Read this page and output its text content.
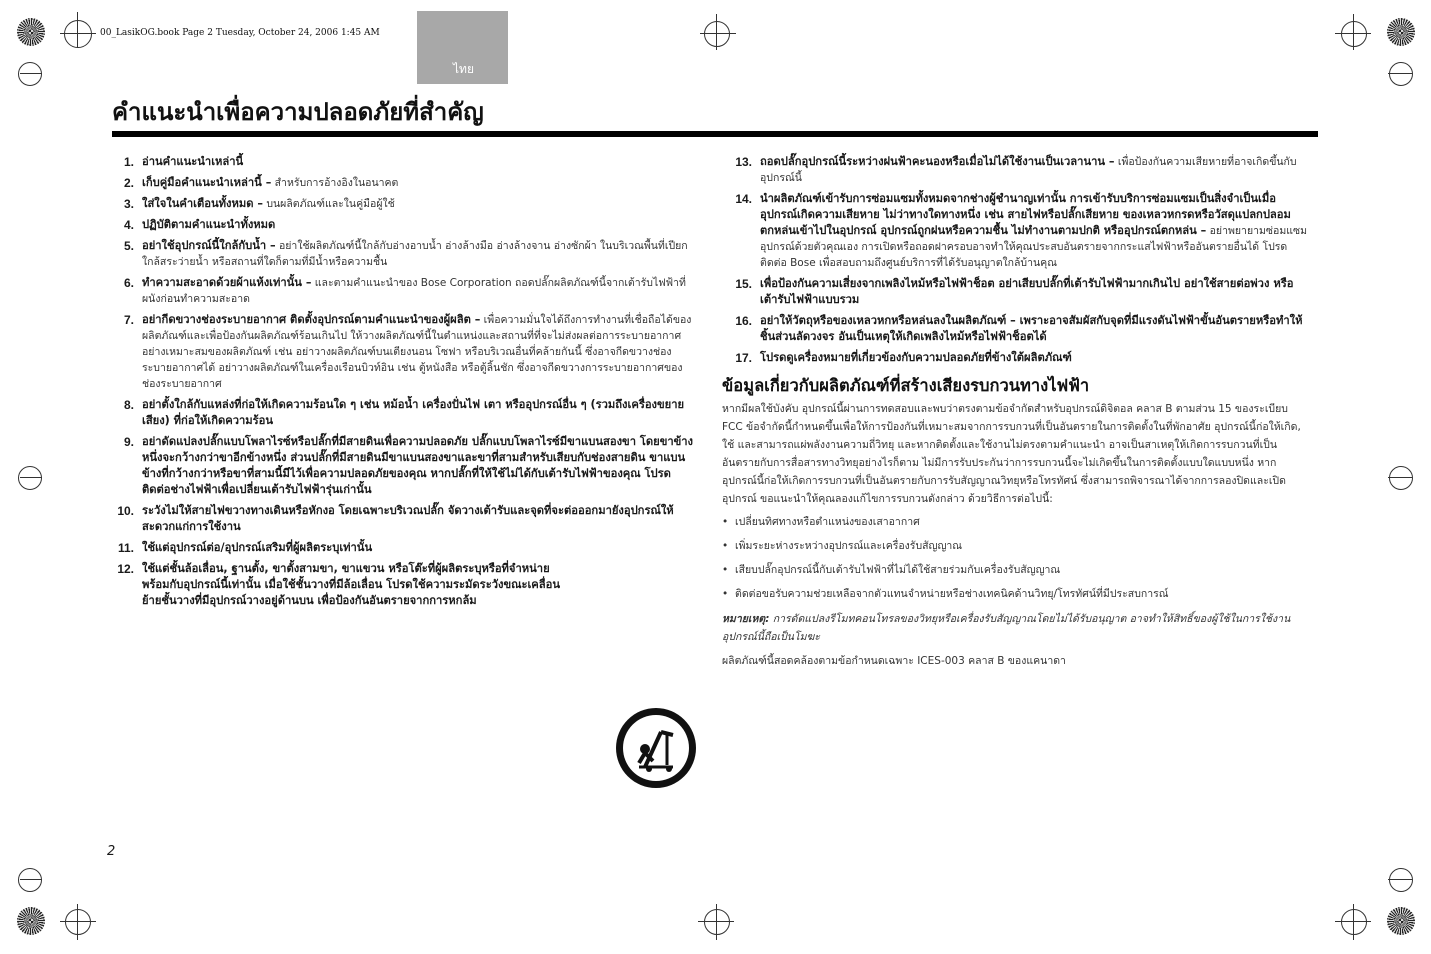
00_LasikOG.book Page 2 Tuesday, October 24, 2006 1:45 AM
ไทย
คำแนะนำเพื่อความปลอดภัยที่สำคัญ
1. อ่านคำแนะนำเหล่านี้
2. เก็บคู่มือคำแนะนำเหล่านี้ – สำหรับการอ้างอิงในอนาคต
3. ใส่ใจในคำเตือนทั้งหมด – บนผลิตภัณฑ์และในคู่มือผู้ใช้
4. ปฏิบัติตามคำแนะนำทั้งหมด
5. อย่าใช้อุปกรณ์นี้ใกล้กับน้ำ – อย่าใช้ผลิตภัณฑ์นี้ใกล้กับอ่างอาบน้ำ อ่างล้างมือ อ่างล้างจาน อ่างซักผ้า ในบริเวณพื้นที่เปียก ใกล้สระว่ายน้ำ หรือสถานที่ใดก็ตามที่มีน้ำหรือความชื้น
6. ทำความสะอาดด้วยผ้าแห้งเท่านั้น – และตามคำแนะนำของ Bose Corporation ถอดปลั๊กผลิตภัณฑ์นี้จากเต้ารับไฟฟ้าที่ผนังก่อนทำความสะอาด
7. อย่ากีดขวางช่องระบายอากาศ ติดตั้งอุปกรณ์ตามคำแนะนำของผู้ผลิต – เพื่อความมั่นใจได้ถึงการทำงานที่เชื่อถือได้ของผลิตภัณฑ์และเพื่อป้องกันผลิตภัณฑ์ร้อนเกินไป ให้วางผลิตภัณฑ์นี้ในตำแหน่งและสถานที่ที่จะไม่ส่งผลต่อการระบายอากาศอย่างเหมาะสมของผลิตภัณฑ์ เช่น อย่าวางผลิตภัณฑ์บนเตียงนอน โซฟา หรือบริเวณอื่นที่คล้ายกันนี้ ซึ่งอาจกีดขวางช่องระบายอากาศได้ อย่าวางผลิตภัณฑ์ในเครื่องเรือนบิวท์อิน เช่น ตู้หนังสือ หรือตู้ลิ้นชัก ซึ่งอาจกีดขวางการระบายอากาศของช่องระบายอากาศ
8. อย่าตั้งใกล้กับแหล่งที่ก่อให้เกิดความร้อนใด ๆ เช่น หม้อน้ำ เครื่องปั่นไฟ เตา หรืออุปกรณ์อื่น ๆ (รวมถึงเครื่องขยายเสียง) ที่ก่อให้เกิดความร้อน
9. อย่าดัดแปลงปลั๊กแบบโพลาไรซ์หรือปลั๊กที่มีสายดินเพื่อความปลอดภัย ปลั๊กแบบโพลาไรซ์มีขาแบนสองขา โดยขาข้างหนึ่งจะกว้างกว่าขาอีกข้างหนึ่ง ส่วนปลั๊กที่มีสายดินมีขาแบนสองขาและขาที่สามสำหรับเสียบกับช่องสายดิน ขาแบนข้างที่กว้างกว่าหรือขาที่สามนี้มีไว้เพื่อความปลอดภัยของคุณ หากปลั๊กที่ให้ใช้ไม่ได้กับเต้ารับไฟฟ้าของคุณ โปรดติดต่อช่างไฟฟ้าเพื่อเปลี่ยนเต้ารับไฟฟ้ารุ่นเก่านั้น
10. ระวังไม่ให้สายไฟขวางทางเดินหรือหักงอ โดยเฉพาะบริเวณปลั๊ก จัดวางเต้ารับและจุดที่จะต่อออกมายังอุปกรณ์ให้สะดวกแก่การใช้งาน
11. ใช้แต่อุปกรณ์ต่อ/อุปกรณ์เสริมที่ผู้ผลิตระบุเท่านั้น
12. ใช้แต่ชั้นล้อเลื่อน, ฐานตั้ง, ขาตั้งสามขา, ขาแขวน หรือโต๊ะที่ผู้ผลิตระบุหรือที่จำหน่ายพร้อมกับอุปกรณ์นี้เท่านั้น เมื่อใช้ชั้นวางที่มีล้อเลื่อน โปรดใช้ความระมัดระวังขณะเคลื่อนย้ายชั้นวางที่มีอุปกรณ์วางอยู่ด้านบน เพื่อป้องกันอันตรายจากการหกล้ม
13. ถอดปลั๊กอุปกรณ์นี้ระหว่างฝนฟ้าคะนองหรือเมื่อไม่ได้ใช้งานเป็นเวลานาน – เพื่อป้องกันความเสียหายที่อาจเกิดขึ้นกับอุปกรณ์นี้
14. นำผลิตภัณฑ์เข้ารับการซ่อมแซมทั้งหมดจากช่างผู้ชำนาญเท่านั้น การเข้ารับบริการซ่อมแซมเป็นสิ่งจำเป็นเมื่ออุปกรณ์เกิดความเสียหาย ไม่ว่าทางใดทางหนึ่ง เช่น สายไฟหรือปลั๊กเสียหาย ของเหลวหกรดหรือวัสดุแปลกปลอมตกหล่นเข้าไปในอุปกรณ์ อุปกรณ์ถูกฝนหรือความชื้น ไม่ทำงานตามปกติ หรืออุปกรณ์ตกหล่น – อย่าพยายามซ่อมแซมอุปกรณ์ด้วยตัวคุณเอง การเปิดหรือถอดฝาครอบอาจทำให้คุณประสบอันตรายจากกระแสไฟฟ้าหรืออันตรายอื่นได้ โปรดติดต่อ Bose เพื่อสอบถามถึงศูนย์บริการที่ได้รับอนุญาตใกล้บ้านคุณ
15. เพื่อป้องกันความเสี่ยงจากเพลิงไหม้หรือไฟฟ้าช็อต อย่าเสียบปลั๊กที่เต้ารับไฟฟ้ามากเกินไป อย่าใช้สายต่อพ่วง หรือเต้ารับไฟฟ้าแบบรวม
16. อย่าให้วัตถุหรือของเหลวหกหรือหล่นลงในผลิตภัณฑ์ – เพราะอาจสัมผัสกับจุดที่มีแรงดันไฟฟ้าขั้นอันตรายหรือทำให้ชิ้นส่วนลัดวงจร อันเป็นเหตุให้เกิดเพลิงไหม้หรือไฟฟ้าช็อตได้
17. โปรดดูเครื่องหมายที่เกี่ยวข้องกับความปลอดภัยที่ข้างใต้ผลิตภัณฑ์
ข้อมูลเกี่ยวกับผลิตภัณฑ์ที่สร้างเสียงรบกวนทางไฟฟ้า
หากมีผลใช้บังคับ อุปกรณ์นี้ผ่านการทดสอบและพบว่าตรงตามข้อจำกัดสำหรับอุปกรณ์ดิจิตอล คลาส B ตามส่วน 15 ของระเบียบ FCC ข้อจำกัดนี้กำหนดขึ้นเพื่อให้การป้องกันที่เหมาะสมจากการรบกวนที่เป็นอันตรายในการติดตั้งในที่พักอาศัย อุปกรณ์นี้ก่อให้เกิด, ใช้ และสามารถแผ่พลังงานความถี่วิทยุ และหากติดตั้งและใช้งานไม่ตรงตามคำแนะนำ อาจเป็นสาเหตุให้เกิดการรบกวนที่เป็นอันตรายกับการสื่อสารทางวิทยุอย่างไรก็ตาม ไม่มีการรับประกันว่าการรบกวนนี้จะไม่เกิดขึ้นในการติดตั้งแบบใดแบบหนึ่ง หากอุปกรณ์นี้ก่อให้เกิดการรบกวนที่เป็นอันตรายกับการรับสัญญาณวิทยุหรือโทรทัศน์ ซึ่งสามารถพิจารณาได้จากการลองปิดและเปิดอุปกรณ์ ขอแนะนำให้คุณลองแก้ไขการรบกวนดังกล่าว ด้วยวิธีการต่อไปนี้:
• เปลี่ยนทิศทางหรือตำแหน่งของเสาอากาศ
• เพิ่มระยะห่างระหว่างอุปกรณ์และเครื่องรับสัญญาณ
• เสียบปลั๊กอุปกรณ์นี้กับเต้ารับไฟฟ้าที่ไม่ได้ใช้สายร่วมกับเครื่องรับสัญญาณ
• ติดต่อขอรับความช่วยเหลือจากตัวแทนจำหน่ายหรือช่างเทคนิคด้านวิทยุ/โทรทัศน์ที่มีประสบการณ์
หมายเหตุ: การดัดแปลงรีโมทคอนโทรลของวิทยุหรือเครื่องรับสัญญาณโดยไม่ได้รับอนุญาต อาจทำให้สิทธิ์ของผู้ใช้ในการใช้งานอุปกรณ์นี้ถือเป็นโมฆะ
ผลิตภัณฑ์นี้สอดคล้องตามข้อกำหนดเฉพาะ ICES-003 คลาส B ของแคนาดา
2
